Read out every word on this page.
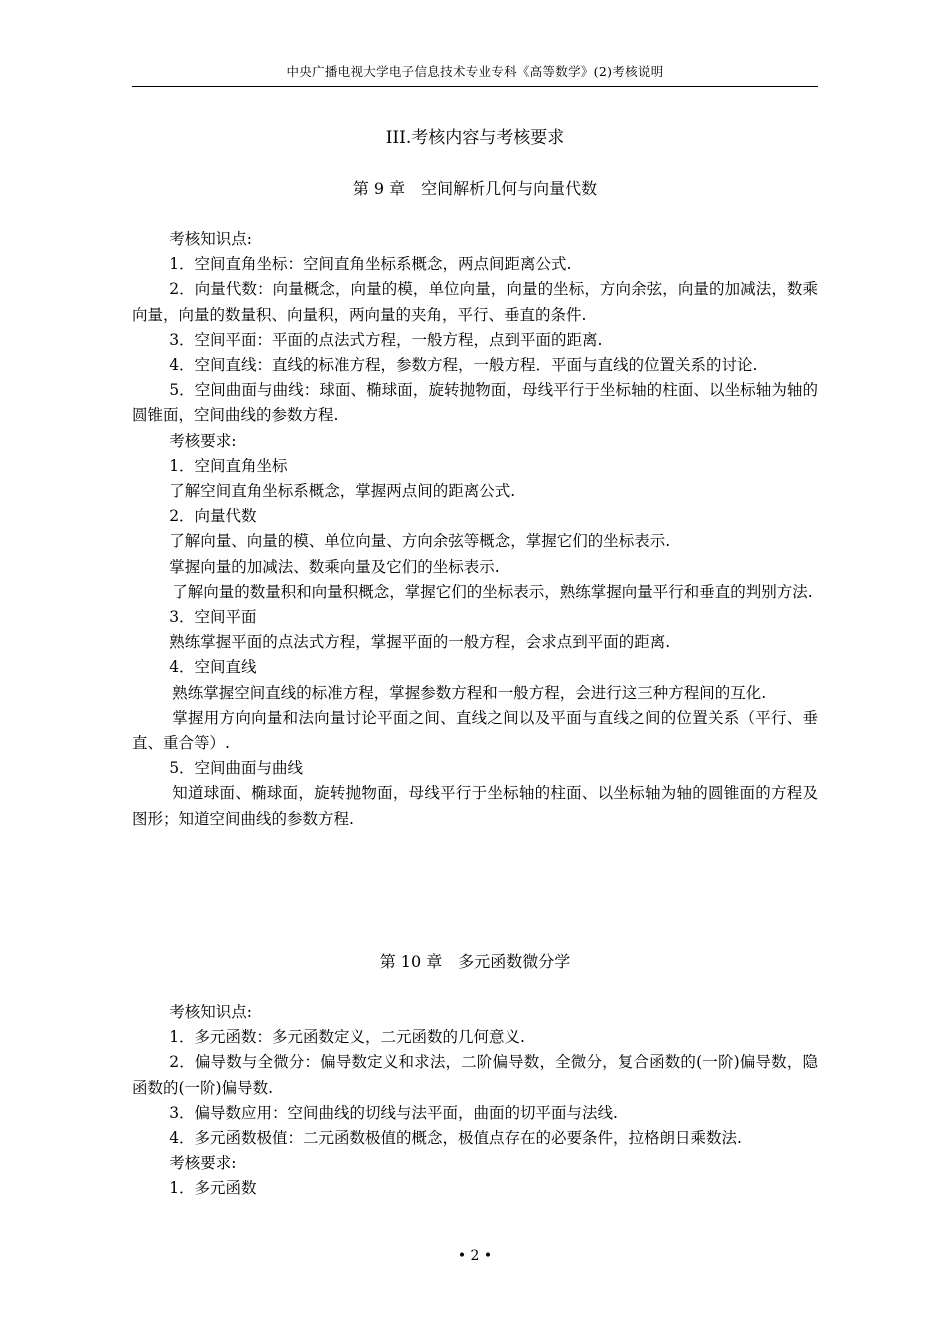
中央广播电视大学电子信息技术专业专科《高等数学》(2)考核说明
III.考核内容与考核要求
第 9 章　空间解析几何与向量代数

考核知识点:

1．空间直角坐标：空间直角坐标系概念，两点间距离公式.

2．向量代数：向量概念，向量的模，单位向量，向量的坐标，方向余弦，向量的加减法，数乘向量，向量的数量积、向量积，两向量的夹角，平行、垂直的条件.

3．空间平面：平面的点法式方程，一般方程，点到平面的距离.

4．空间直线：直线的标准方程，参数方程，一般方程．平面与直线的位置关系的讨论.

5．空间曲面与曲线：球面、椭球面，旋转抛物面，母线平行于坐标轴的柱面、以坐标轴为轴的圆锥面，空间曲线的参数方程.

考核要求:

1．空间直角坐标

了解空间直角坐标系概念，掌握两点间的距离公式.

2．向量代数

了解向量、向量的模、单位向量、方向余弦等概念，掌握它们的坐标表示.

掌握向量的加减法、数乘向量及它们的坐标表示.

了解向量的数量积和向量积概念，掌握它们的坐标表示，熟练掌握向量平行和垂直的判别方法.

3．空间平面

熟练掌握平面的点法式方程，掌握平面的一般方程，会求点到平面的距离.

4．空间直线

熟练掌握空间直线的标准方程，掌握参数方程和一般方程，会进行这三种方程间的互化.

掌握用方向向量和法向量讨论平面之间、直线之间以及平面与直线之间的位置关系（平行、垂直、重合等）.

5．空间曲面与曲线

知道球面、椭球面，旋转抛物面，母线平行于坐标轴的柱面、以坐标轴为轴的圆锥面的方程及图形；知道空间曲线的参数方程.

第 10 章　多元函数微分学

考核知识点:

1．多元函数：多元函数定义，二元函数的几何意义.

2．偏导数与全微分：偏导数定义和求法，二阶偏导数，全微分，复合函数的(一阶)偏导数，隐函数的(一阶)偏导数.

3．偏导数应用：空间曲线的切线与法平面，曲面的切平面与法线.

4．多元函数极值：二元函数极值的概念，极值点存在的必要条件，拉格朗日乘数法.

考核要求:

1．多元函数

• 2 •
